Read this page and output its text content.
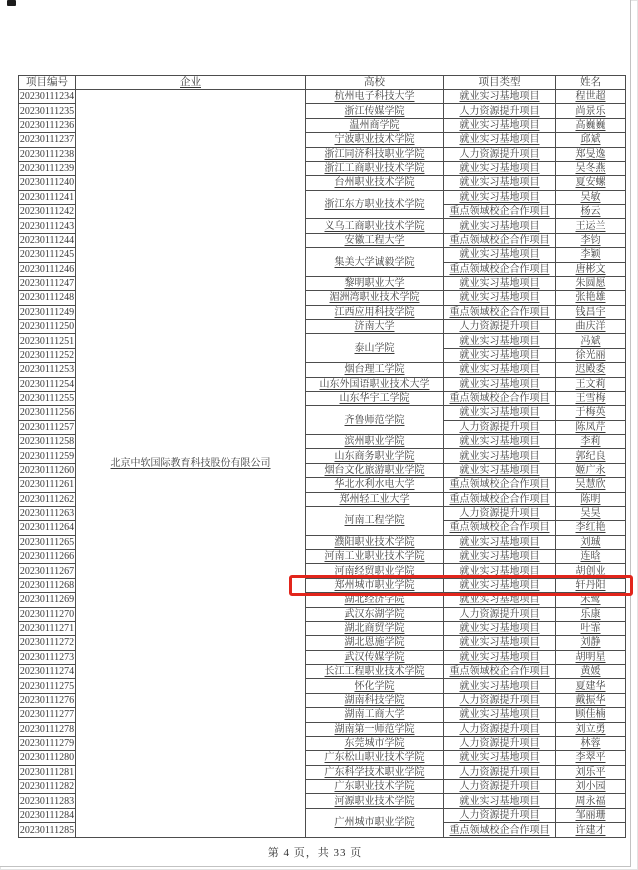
项目编号	企业	高校	项目类型	姓名
20230111234	北京中软国际教育科技股份有限公司	杭州电子科技大学	就业实习基地项目	程世超
20230111235		浙江传媒学院	人力资源提升项目	尚景乐
20230111236		温州商学院	就业实习基地项目	高巍巍
20230111237		宁波职业技术学院	就业实习基地项目	邱斌
20230111238		浙江同济科技职业学院	人力资源提升项目	郑旻逸
20230111239		浙江工商职业技术学院	就业实习基地项目	吴冬燕
20230111240		台州职业技术学院	就业实习基地项目	夏安螺
20230111241		浙江东方职业技术学院	就业实习基地项目	吴敏
20230111242			重点领域校企合作项目	杨云
20230111243		义乌工商职业技术学院	就业实习基地项目	王运兰
20230111244		安徽工程大学	重点领域校企合作项目	李钧
20230111245		集美大学诚毅学院	就业实习基地项目	李颖
20230111246			重点领域校企合作项目	唐彬文
20230111247		黎明职业大学	就业实习基地项目	朱圆愿
20230111248		湄洲湾职业技术学院	就业实习基地项目	张艳雄
20230111249		江西应用科技学院	重点领域校企合作项目	钱昌宇
20230111250		济南大学	人力资源提升项目	曲庆洋
20230111251		泰山学院	就业实习基地项目	冯斌
20230111252			就业实习基地项目	徐光丽
20230111253		烟台理工学院	就业实习基地项目	迟殿委
20230111254		山东外国语职业技术大学	就业实习基地项目	王文莉
20230111255		山东华宇工学院	重点领域校企合作项目	王雪梅
20230111256		齐鲁师范学院	就业实习基地项目	于梅英
20230111257			人力资源提升项目	陈凤芹
20230111258		滨州职业学院	就业实习基地项目	李莉
20230111259		山东商务职业学院	就业实习基地项目	郭纪良
20230111260		烟台文化旅游职业学院	就业实习基地项目	姬广永
20230111261		华北水利水电大学	重点领域校企合作项目	吴慧欣
20230111262		郑州轻工业大学	重点领域校企合作项目	陈明
20230111263		河南工程学院	人力资源提升项目	吴昊
20230111264			重点领域校企合作项目	李红艳
20230111265		濮阳职业技术学院	就业实习基地项目	刘珹
20230111266		河南工业职业技术学院	就业实习基地项目	连晗
20230111267		河南经贸职业学院	就业实习基地项目	胡创业
20230111268		郑州城市职业学院	就业实习基地项目	轩丹阳
20230111269		湖北经济学院	就业实习基地项目	宋鹭
20230111270		武汉东湖学院	人力资源提升项目	乐康
20230111271		湖北商贸学院	就业实习基地项目	叶霏
20230111272		湖北恩施学院	就业实习基地项目	刘静
20230111273		武汉传媒学院	就业实习基地项目	胡明星
20230111274		长江工程职业技术学院	重点领域校企合作项目	黄媛
20230111275		怀化学院	就业实习基地项目	夏建华
20230111276		湖南科技学院	人力资源提升项目	戴振华
20230111277		湖南工商大学	就业实习基地项目	顾佳楠
20230111278		湖南第一师范学院	人力资源提升项目	刘立勇
20230111279		东莞城市学院	人力资源提升项目	林蓉
20230111280		广东松山职业技术学院	就业实习基地项目	李翠平
20230111281		广东科学技术职业学院	人力资源提升项目	刘乐平
20230111282		广东职业技术学院	人力资源提升项目	刘小园
20230111283		河源职业技术学院	就业实习基地项目	周永福
20230111284		广州城市职业学院	人力资源提升项目	邹丽珊
20230111285			重点领域校企合作项目	许建才
第 4 页，共 33 页
